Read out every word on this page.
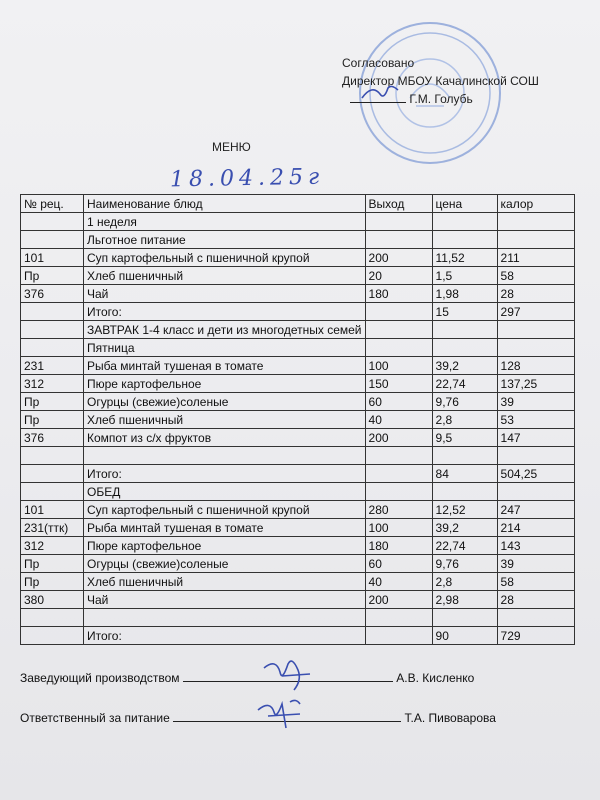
Согласовано
Директор МБОУ Качалинской СОШ
Г.М. Голубь
МЕНЮ
18.04.25г
№ рец.	Наименование блюд	Выход	цена	калор
	1 неделя			
	Льготное питание			
101	Суп картофельный с пшеничной крупой	200	11,52	211
Пр	Хлеб пшеничный	20	1,5	58
376	Чай	180	1,98	28
	Итого:		15	297
	ЗАВТРАК 1-4 класс и дети из многодетных семей			
	Пятница			
231	Рыба минтай тушеная в томате	100	39,2	128
312	Пюре картофельное	150	22,74	137,25
Пр	Огурцы (свежие)соленые	60	9,76	39
Пр	Хлеб пшеничный	40	2,8	53
376	Компот из с/х фруктов	200	9,5	147

	Итого:		84	504,25
	ОБЕД			
101	Суп картофельный с пшеничной крупой	280	12,52	247
231(ттк)	Рыба минтай тушеная в томате	100	39,2	214
312	Пюре картофельное	180	22,74	143
Пр	Огурцы (свежие)соленые	60	9,76	39
Пр	Хлеб пшеничный	40	2,8	58
380	Чай	200	2,98	28

	Итого:		90	729
Заведующий производством	А.В. Кисленко
Ответственный за питание	Т.А. Пивоварова
